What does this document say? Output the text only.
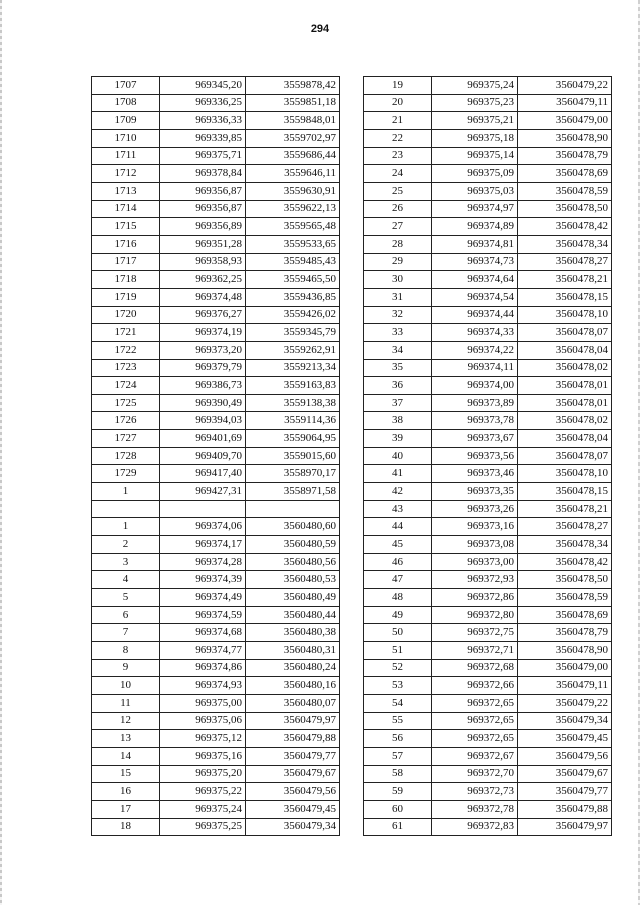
294
1707	969345,20	3559878,42
1708	969336,25	3559851,18
1709	969336,33	3559848,01
1710	969339,85	3559702,97
1711	969375,71	3559686,44
1712	969378,84	3559646,11
1713	969356,87	3559630,91
1714	969356,87	3559622,13
1715	969356,89	3559565,48
1716	969351,28	3559533,65
1717	969358,93	3559485,43
1718	969362,25	3559465,50
1719	969374,48	3559436,85
1720	969376,27	3559426,02
1721	969374,19	3559345,79
1722	969373,20	3559262,91
1723	969379,79	3559213,34
1724	969386,73	3559163,83
1725	969390,49	3559138,38
1726	969394,03	3559114,36
1727	969401,69	3559064,95
1728	969409,70	3559015,60
1729	969417,40	3558970,17
1	969427,31	3558971,58

1	969374,06	3560480,60
2	969374,17	3560480,59
3	969374,28	3560480,56
4	969374,39	3560480,53
5	969374,49	3560480,49
6	969374,59	3560480,44
7	969374,68	3560480,38
8	969374,77	3560480,31
9	969374,86	3560480,24
10	969374,93	3560480,16
11	969375,00	3560480,07
12	969375,06	3560479,97
13	969375,12	3560479,88
14	969375,16	3560479,77
15	969375,20	3560479,67
16	969375,22	3560479,56
17	969375,24	3560479,45
18	969375,25	3560479,34
19	969375,24	3560479,22
20	969375,23	3560479,11
21	969375,21	3560479,00
22	969375,18	3560478,90
23	969375,14	3560478,79
24	969375,09	3560478,69
25	969375,03	3560478,59
26	969374,97	3560478,50
27	969374,89	3560478,42
28	969374,81	3560478,34
29	969374,73	3560478,27
30	969374,64	3560478,21
31	969374,54	3560478,15
32	969374,44	3560478,10
33	969374,33	3560478,07
34	969374,22	3560478,04
35	969374,11	3560478,02
36	969374,00	3560478,01
37	969373,89	3560478,01
38	969373,78	3560478,02
39	969373,67	3560478,04
40	969373,56	3560478,07
41	969373,46	3560478,10
42	969373,35	3560478,15
43	969373,26	3560478,21
44	969373,16	3560478,27
45	969373,08	3560478,34
46	969373,00	3560478,42
47	969372,93	3560478,50
48	969372,86	3560478,59
49	969372,80	3560478,69
50	969372,75	3560478,79
51	969372,71	3560478,90
52	969372,68	3560479,00
53	969372,66	3560479,11
54	969372,65	3560479,22
55	969372,65	3560479,34
56	969372,65	3560479,45
57	969372,67	3560479,56
58	969372,70	3560479,67
59	969372,73	3560479,77
60	969372,78	3560479,88
61	969372,83	3560479,97
